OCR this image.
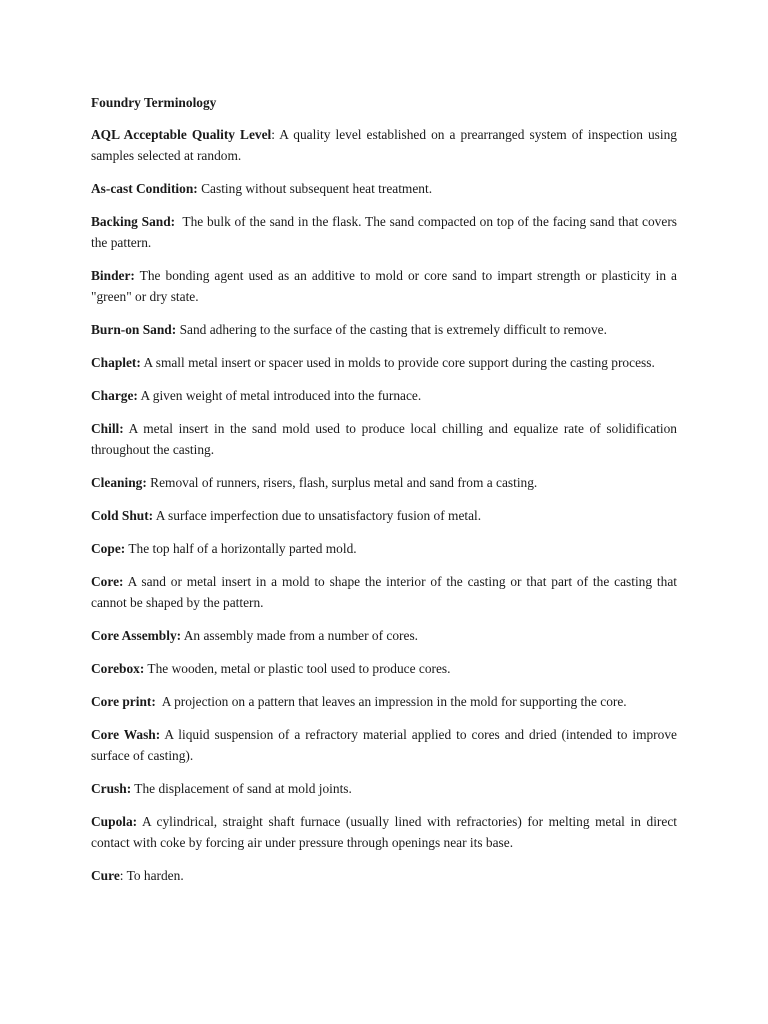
Foundry Terminology

AQL Acceptable Quality Level: A quality level established on a prearranged system of inspection using samples selected at random.

As-cast Condition: Casting without subsequent heat treatment.

Backing Sand:  The bulk of the sand in the flask. The sand compacted on top of the facing sand that covers the pattern.

Binder: The bonding agent used as an additive to mold or core sand to impart strength or plasticity in a "green" or dry state.

Burn-on Sand: Sand adhering to the surface of the casting that is extremely difficult to remove.

Chaplet: A small metal insert or spacer used in molds to provide core support during the casting process.

Charge: A given weight of metal introduced into the furnace.

Chill: A metal insert in the sand mold used to produce local chilling and equalize rate of solidification throughout the casting.

Cleaning: Removal of runners, risers, flash, surplus metal and sand from a casting.

Cold Shut: A surface imperfection due to unsatisfactory fusion of metal.

Cope: The top half of a horizontally parted mold.

Core: A sand or metal insert in a mold to shape the interior of the casting or that part of the casting that cannot be shaped by the pattern.

Core Assembly: An assembly made from a number of cores.

Corebox: The wooden, metal or plastic tool used to produce cores.

Core print:  A projection on a pattern that leaves an impression in the mold for supporting the core.

Core Wash: A liquid suspension of a refractory material applied to cores and dried (intended to improve surface of casting).

Crush: The displacement of sand at mold joints.

Cupola: A cylindrical, straight shaft furnace (usually lined with refractories) for melting metal in direct contact with coke by forcing air under pressure through openings near its base.

Cure: To harden.
